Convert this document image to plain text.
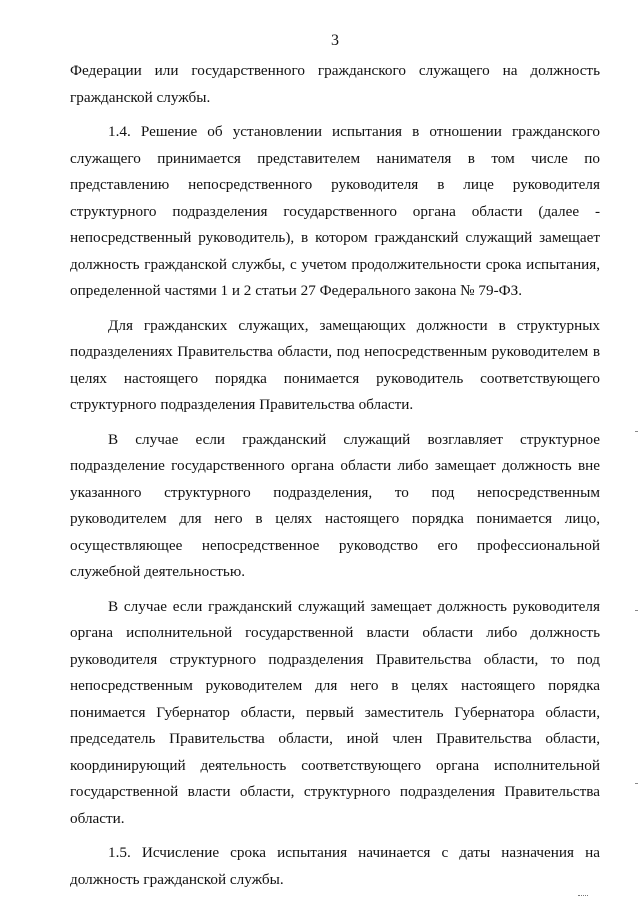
3

Федерации или государственного гражданского служащего на должность гражданской службы.

1.4. Решение об установлении испытания в отношении гражданского служащего принимается представителем нанимателя в том числе по представлению непосредственного руководителя в лице руководителя структурного подразделения государственного органа области (далее - непосредственный руководитель), в котором гражданский служащий замещает должность гражданской службы, с учетом продолжительности срока испытания, определенной частями 1 и 2 статьи 27 Федерального закона № 79-ФЗ.

Для гражданских служащих, замещающих должности в структурных подразделениях Правительства области, под непосредственным руководителем в целях настоящего порядка понимается руководитель соответствующего структурного подразделения Правительства области.

В случае если гражданский служащий возглавляет структурное подразделение государственного органа области либо замещает должность вне указанного структурного подразделения, то под непосредственным руководителем для него в целях настоящего порядка понимается лицо, осуществляющее непосредственное руководство его профессиональной служебной деятельностью.

В случае если гражданский служащий замещает должность руководителя органа исполнительной государственной власти области либо должность руководителя структурного подразделения Правительства области, то под непосредственным руководителем для него в целях настоящего порядка понимается Губернатор области, первый заместитель Губернатора области, председатель Правительства области, иной член Правительства области, координирующий деятельность соответствующего органа исполнительной государственной власти области, структурного подразделения Правительства области.

1.5. Исчисление срока испытания начинается с даты назначения на должность гражданской службы.
